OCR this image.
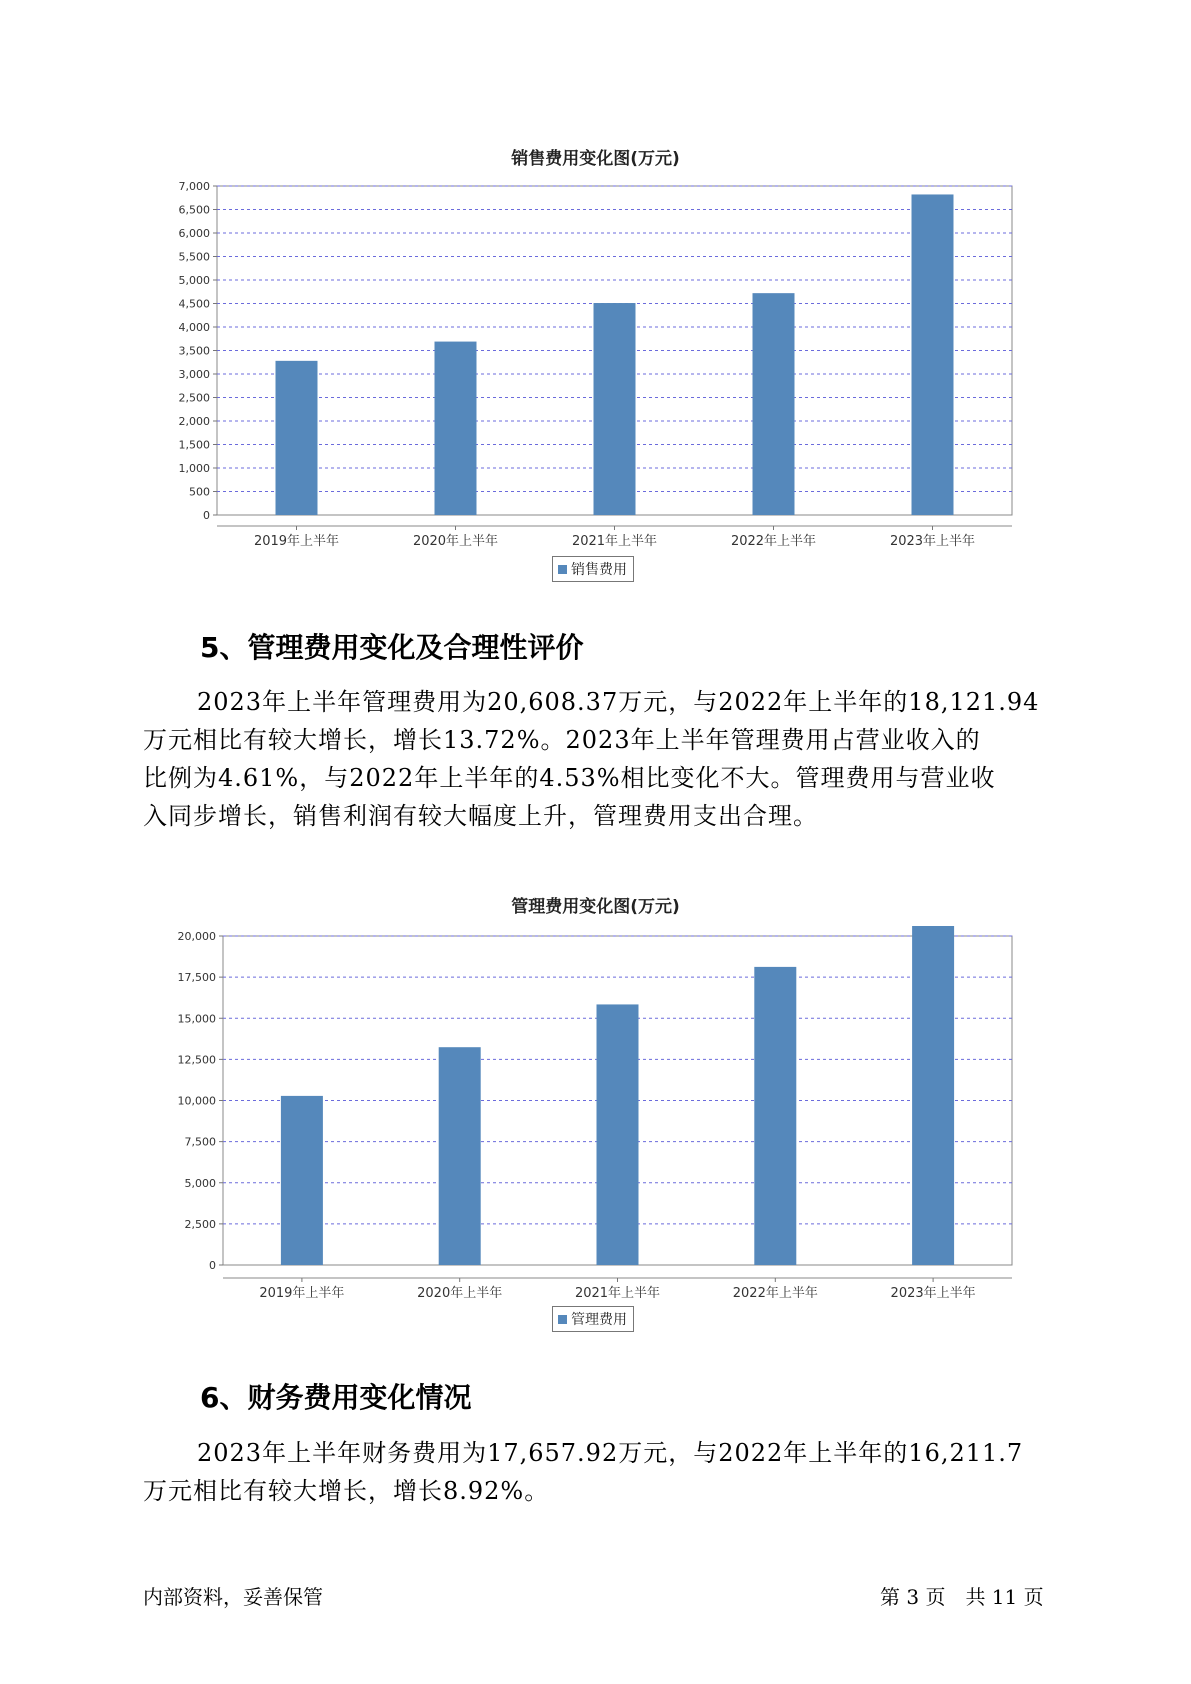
销售费用变化图(万元)
0
500
1,000
1,500
2,000
2,500
3,000
3,500
4,000
4,500
5,000
5,500
6,000
6,500
7,000
2019年上半年	2020年上半年	2021年上半年	2022年上半年	2023年上半年
销售费用
5、管理费用变化及合理性评价
2023年上半年管理费用为20,608.37万元，与2022年上半年的18,121.94
万元相比有较大增长，增长13.72%。2023年上半年管理费用占营业收入的
比例为4.61%，与2022年上半年的4.53%相比变化不大。管理费用与营业收
入同步增长，销售利润有较大幅度上升，管理费用支出合理。
管理费用变化图(万元)
0
2,500
5,000
7,500
10,000
12,500
15,000
17,500
20,000
2019年上半年	2020年上半年	2021年上半年	2022年上半年	2023年上半年
管理费用
6、财务费用变化情况
2023年上半年财务费用为17,657.92万元，与2022年上半年的16,211.7
万元相比有较大增长，增长8.92%。
内部资料，妥善保管	第 3 页　共 11 页
